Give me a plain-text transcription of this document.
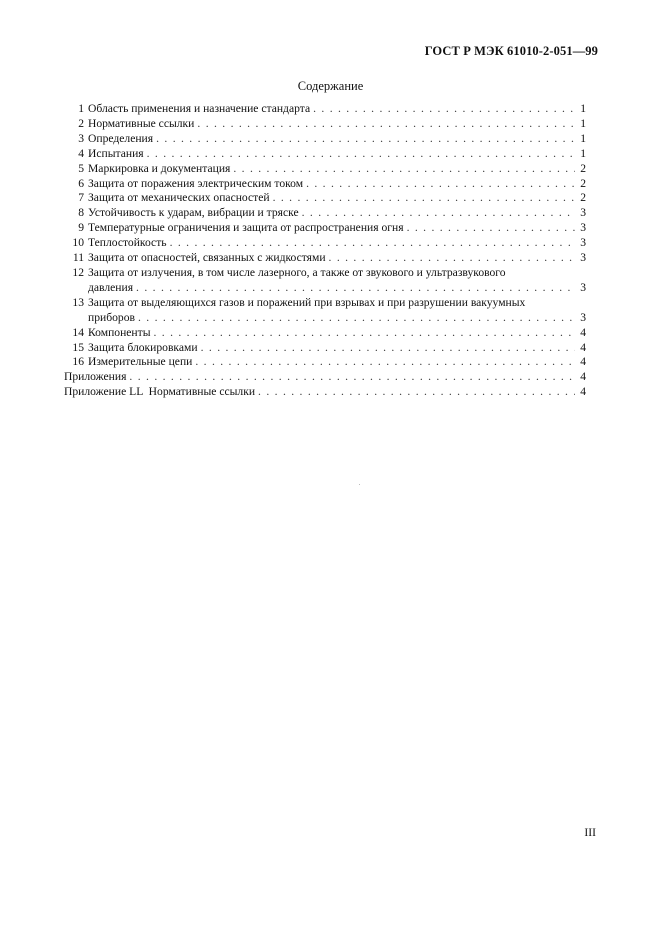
ГОСТ Р МЭК 61010-2-051—99
Содержание
1 Область применения и назначение стандарта . . .	1
2 Нормативные ссылки . . .	1
3 Определения . . .	1
4 Испытания . . .	1
5 Маркировка и документация . . .	2
6 Защита от поражения электрическим током . . .	2
7 Защита от механических опасностей . . .	2
8 Устойчивость к ударам, вибрации и тряске . . .	3
9 Температурные ограничения и защита от распространения огня . . .	3
10 Теплостойкость . . .	3
11 Защита от опасностей, связанных с жидкостями . . .	3
12 Защита от излучения, в том числе лазерного, а также от звукового и ультразвукового
давления . . .	3
13 Защита от выделяющихся газов и поражений при взрывах и при разрушении вакуумных
приборов . . .	3
14 Компоненты . . .	4
15 Защита блокировками . . .	4
16 Измерительные цепи . . .	4
Приложения . . .	4
Приложение LL  Нормативные ссылки . . .	4
III
